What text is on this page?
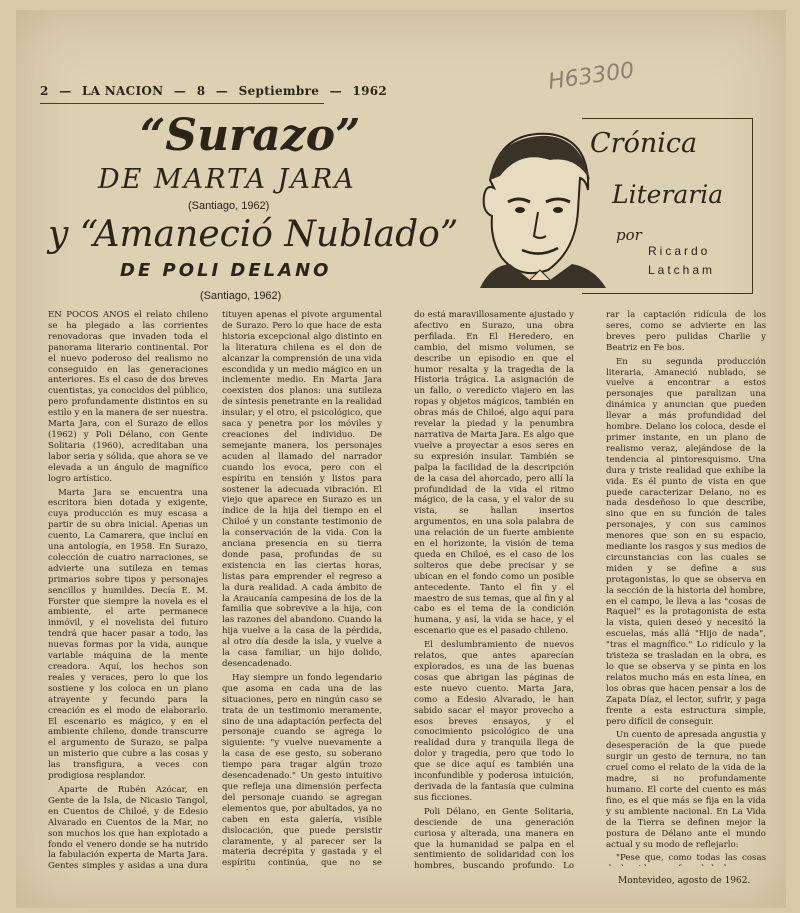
2 — LA NACION — 8 — Septiembre — 1962	H63300
“Surazo”
DE MARTA JARA
(Santiago, 1962)
y “Amaneció Nublado”
DE POLI DELANO
(Santiago, 1962)
Crónica
Literaria
por
Ricardo
Latcham

EN POCOS AÑOS el relato chileno se ha plegado a las corrientes renovadoras que invaden toda el panorama literario continental. Por el nuevo poderoso del realismo no conseguido en las generaciones anteriores. Es el caso de dos breves cuentistas, ya conocidos del público, pero profundamente distintos en su estilo y en la manera de ser nuestra. Marta Jara, con el Surazo de ellos (1962) y Poli Délano, con Gente Solitaria (1960), acreditaban una labor seria y sólida, que ahora se ve elevada a un ángulo de magnífico logro artístico.

Marta Jara se encuentra una escritora bien dotada y exigente, cuya producción es muy escasa a partir de su obra inicial. Apenas un cuento, La Camarera, que incluí en una antología, en 1958. En Surazo, colección de cuatro narraciones, se advierte una sutileza en temas primarios sobre tipos y personajes sencillos y humildes. Decía E. M. Forster que siempre la novela es el ambiente, el arte permanece inmóvil, y el novelista del futuro tendrá que hacer pasar a todo, las nuevas formas por la vida, aunque variable máquina de la mente creadora. Aquí, los hechos son reales y veraces, pero lo que los sostiene y los coloca en un plano atrayente y fecundo para la creación es el modo de elaborarlo. El escenario es mágico, y en el ambiente chileno, donde transcurre el argumento de Surazo, se palpa un misterio que cubre a las cosas y las transfigura, a veces con prodigiosa resplandor.

Aparte de Rubén Azócar, en Gente de la Isla, de Nicasio Tangol, en Cuentos de Chiloé, y de Edesio Alvarado en Cuentos de la Mar, no son muchos los que han explotado a fondo el venero donde se ha nutrido la fabulación experta de Marta Jara. Gentes simples y asidas a una dura

tituyen apenas el pivote argumental de Surazo. Pero lo que hace de esta historia excepcional algo distinto en la literatura chilena es el don de alcanzar la comprensión de una vida escondida y un medio mágico en un inclemente medio. En Marta Jara coexisten dos planos: una sutileza de síntesis penetrante en la realidad insular; y el otro, el psicológico, que saca y penetra por los móviles y creaciones del individuo. De semejante manera, los personajes acuden al llamado del narrador cuando los evoca, pero con el espíritu en tensión y listos para sostener la adecuada vibración. El viejo que aparece en Surazo es un índice de la hija del tiempo en el Chiloé y un constante testimonio de la conservación de la vida. Con la anciana presencia en su tierra donde pasa, profundas de su existencia en las ciertas horas, listas para emprender el regreso a la dura realidad. A cada ámbito de la Araucanía campesina de los de la familia que sobrevive a la hija, con las razones del abandono. Cuando la hija vuelve a la casa de la pérdida, al otro día desde la isla, y vuelve a la casa familiar, un hijo dolido, desencadenado.

Hay siempre un fondo legendario que asoma en cada una de las situaciones, pero en ningún caso se trata de un testimonio meramente, sino de una adaptación perfecta del personaje cuando se agrega lo siguiente: "y vuelve nuevamente a la casa de ese gesto, su soberano tiempo para tragar algún trozo desencadenado." Un gesto intuitivo que refleja una dimensión perfecta del personaje cuando se agregan elementos que, por abultados, ya no caben en esta galería, visible dislocación, que puede persistir claramente, y al parecer ser la materia decrépita y gastada y el espíritu continúa, que no se

do está maravillosamente ajustado y afectivo en Surazo, una obra perfilada. En El Heredero, en cambio, del mismo volumen, se describe un episodio en que el humor resalta y la tragedia de la Historia trágica. La asignación de un fallo, o veredicto viajero en las ropas y objetos mágicos, también en obras más de Chiloé, algo aquí para revelar la piedad y la penumbra narrativa de Marta Jara. Es algo que vuelve a proyectar a esos seres en su expresión insular. También se palpa la facilidad de la descripción de la casa del ahorcado, pero allí la profundidad de la vida el ritmo mágico, de la casa, y el valor de su vista, se hallan insertos argumentos, en una sola palabra de una relación de un fuerte ambiente en el horizonte, la visión de tema queda en Chiloé, es el caso de los solteros que debe precisar y se ubican en el fondo como un posible antecedente. Tanto el fin y el maestro de sus temas, que al fin y al cabo es el tema de la condición humana, y así, la vida se hace, y el escenario que es el pasado chileno.

El deslumbramiento de nuevos relatos, que antes aparecían explorados, es una de las buenas cosas que abrigan las páginas de este nuevo cuento. Marta Jara, como a Edesio Alvarado, le han sabido sacar el mayor provecho a esos breves ensayos, y el conocimiento psicológico de una realidad dura y tranquila llega de dolor y tragedia, pero que todo lo que se dice aquí es también una inconfundible y poderosa intuición, derivada de la fantasía que culmina sus ficciones.

Poli Délano, en Gente Solitaria, desciende de una generación curiosa y alterada, una manera en que la humanidad se palpa en el sentimiento de solidaridad con los hombres, buscando profundo. Lo

rar la captación ridícula de los seres, como se advierte en las breves pero pulidas Charlie y Beatriz en Fe bos.

En su segunda producción literaria, Amaneció nublado, se vuelve a encontrar a estos personajes que paralizan una dinámica y anuncian que pueden llevar a más profundidad del hombre. Delano los coloca, desde el primer instante, en un plano de realismo veraz, alejándose de la tendencia al pintoresquismo. Una dura y triste realidad que exhibe la vida. Es él punto de vista en que puede caracterizar Delano, no es nada desdeñoso lo que describe, sino que en su función de tales personajes, y con sus caminos menores que son en su espacio, mediante los rasgos y sus medios de circunstancias con las cuales se miden y se define a sus protagonistas, lo que se observa en la sección de la historia del hombre, en el campo, le lleva a las "cosas de Raquel" es la protagonista de esta la vista, quien deseó y necesitó la escuelas, más allá "Hijo de nada", "tras el magnífico." Lo ridículo y la tristeza se trasladan en la obra, es lo que se observa y se pinta en los relatos mucho más en esta línea, en los obras que hacen pensar a los de Zapata Díaz, el lector, sufrir, y paga frente a esta estructura simple, pero difícil de conseguir.

Un cuento de apresada angustia y desesperación de la que puede surgir un gesto de ternura, no tan cruel como el relato de la vida de la madre, si no profundamente humano. El corte del cuento es más fino, es el que más se fija en la vida y su ambiente nacional. En La Vida de la Tierra se definen mejor la postura de Délano ante el mundo actual y su modo de reflejarlo:

"Pese que, como todas las cosas

Montevideo, agosto de 1962.
